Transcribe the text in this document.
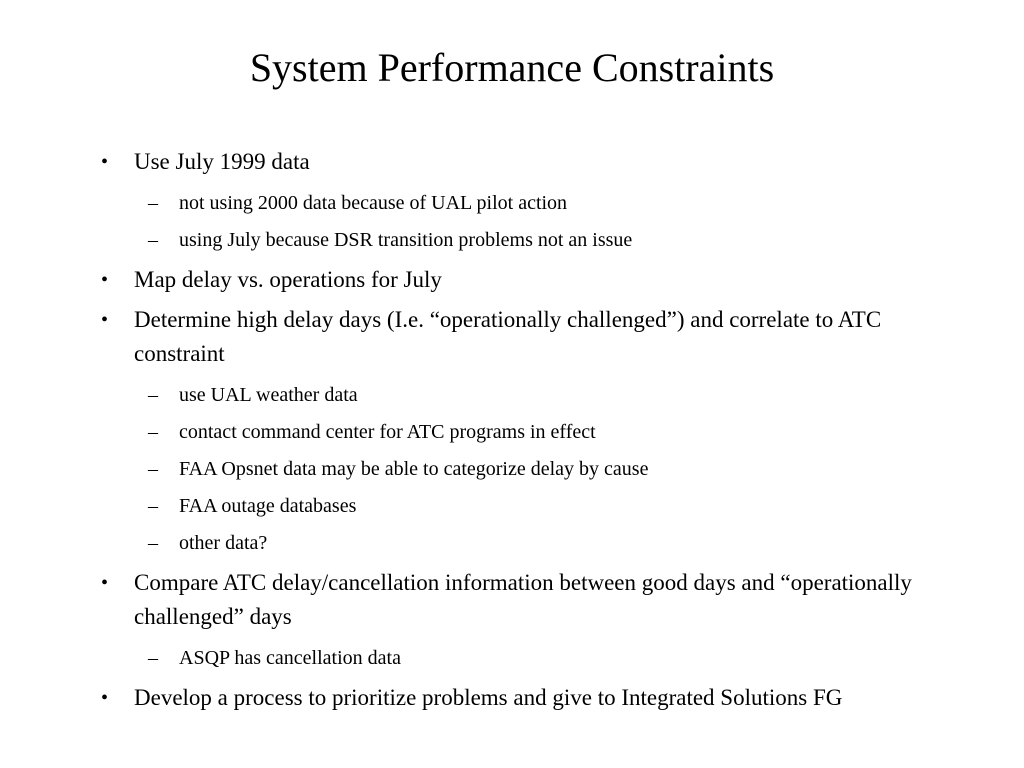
System Performance Constraints
• Use July 1999 data
– not using 2000 data because of UAL pilot action
– using July because DSR transition problems not an issue
• Map delay vs. operations for July
• Determine high delay days (I.e. “operationally challenged”) and correlate to ATC constraint
– use UAL weather data
– contact command center for ATC programs in effect
– FAA Opsnet data may be able to categorize delay by cause
– FAA outage databases
– other data?
• Compare ATC delay/cancellation information between good days and “operationally challenged” days
– ASQP has cancellation data
• Develop a process to prioritize problems and give to Integrated Solutions FG
